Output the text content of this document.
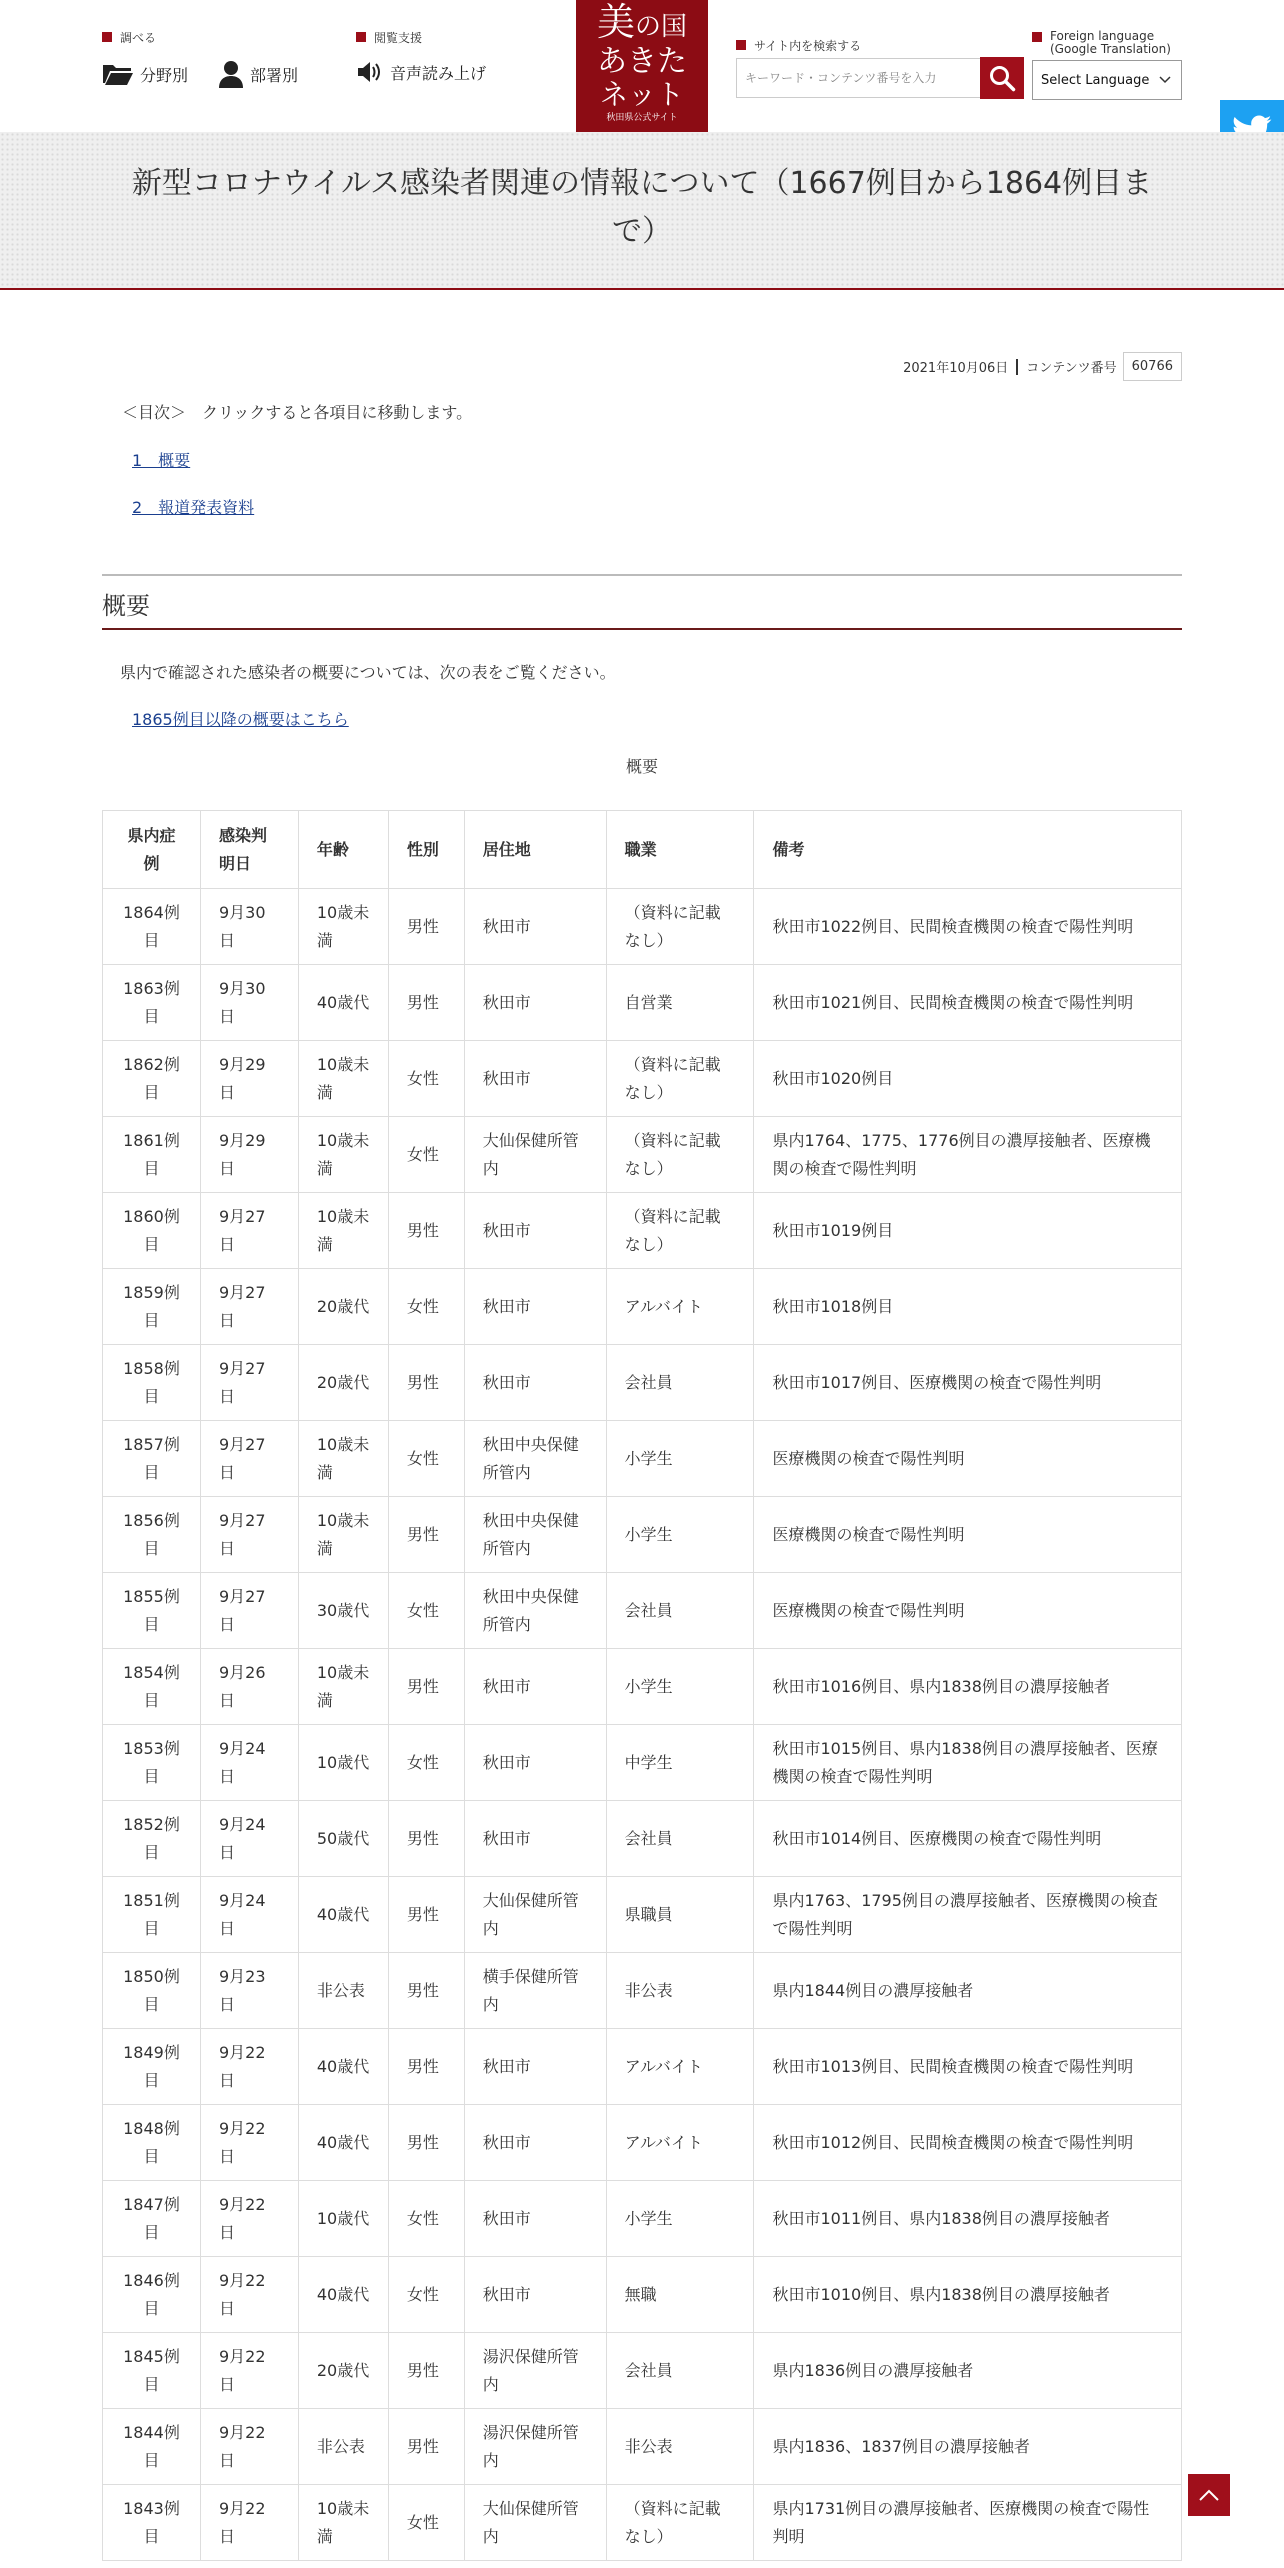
調べる
分野別	部署別
閲覧支援
音声読み上げ
美の国
あきた
ネット
秋田県公式サイト
サイト内を検索する
キーワード・コンテンツ番号を入力
Foreign language
(Google Translation)
Select Language
新型コロナウイルス感染者関連の情報について（1667例目から1864例目まで）
2021年10月06日 コンテンツ番号	60766
＜目次＞　クリックすると各項目に移動します。
1　概要
2　報道発表資料
概要
県内で確認された感染者の概要については、次の表をご覧ください。
1865例目以降の概要はこちら
概要
県内症例	感染判明日	年齢	性別	居住地	職業	備考
1864例目	9月30日	10歳未満	男性	秋田市	（資料に記載なし）	秋田市1022例目、民間検査機関の検査で陽性判明
1863例目	9月30日	40歳代	男性	秋田市	自営業	秋田市1021例目、民間検査機関の検査で陽性判明
1862例目	9月29日	10歳未満	女性	秋田市	（資料に記載なし）	秋田市1020例目
1861例目	9月29日	10歳未満	女性	大仙保健所管内	（資料に記載なし）	県内1764、1775、1776例目の濃厚接触者、医療機関の検査で陽性判明
1860例目	9月27日	10歳未満	男性	秋田市	（資料に記載なし）	秋田市1019例目
1859例目	9月27日	20歳代	女性	秋田市	アルバイト	秋田市1018例目
1858例目	9月27日	20歳代	男性	秋田市	会社員	秋田市1017例目、医療機関の検査で陽性判明
1857例目	9月27日	10歳未満	女性	秋田中央保健所管内	小学生	医療機関の検査で陽性判明
1856例目	9月27日	10歳未満	男性	秋田中央保健所管内	小学生	医療機関の検査で陽性判明
1855例目	9月27日	30歳代	女性	秋田中央保健所管内	会社員	医療機関の検査で陽性判明
1854例目	9月26日	10歳未満	男性	秋田市	小学生	秋田市1016例目、県内1838例目の濃厚接触者
1853例目	9月24日	10歳代	女性	秋田市	中学生	秋田市1015例目、県内1838例目の濃厚接触者、医療機関の検査で陽性判明
1852例目	9月24日	50歳代	男性	秋田市	会社員	秋田市1014例目、医療機関の検査で陽性判明
1851例目	9月24日	40歳代	男性	大仙保健所管内	県職員	県内1763、1795例目の濃厚接触者、医療機関の検査で陽性判明
1850例目	9月23日	非公表	男性	横手保健所管内	非公表	県内1844例目の濃厚接触者
1849例目	9月22日	40歳代	男性	秋田市	アルバイト	秋田市1013例目、民間検査機関の検査で陽性判明
1848例目	9月22日	40歳代	男性	秋田市	アルバイト	秋田市1012例目、民間検査機関の検査で陽性判明
1847例目	9月22日	10歳代	女性	秋田市	小学生	秋田市1011例目、県内1838例目の濃厚接触者
1846例目	9月22日	40歳代	女性	秋田市	無職	秋田市1010例目、県内1838例目の濃厚接触者
1845例目	9月22日	20歳代	男性	湯沢保健所管内	会社員	県内1836例目の濃厚接触者
1844例目	9月22日	非公表	男性	湯沢保健所管内	非公表	県内1836、1837例目の濃厚接触者
1843例目	9月22日	10歳未満	女性	大仙保健所管内	（資料に記載なし）	県内1731例目の濃厚接触者、医療機関の検査で陽性判明
